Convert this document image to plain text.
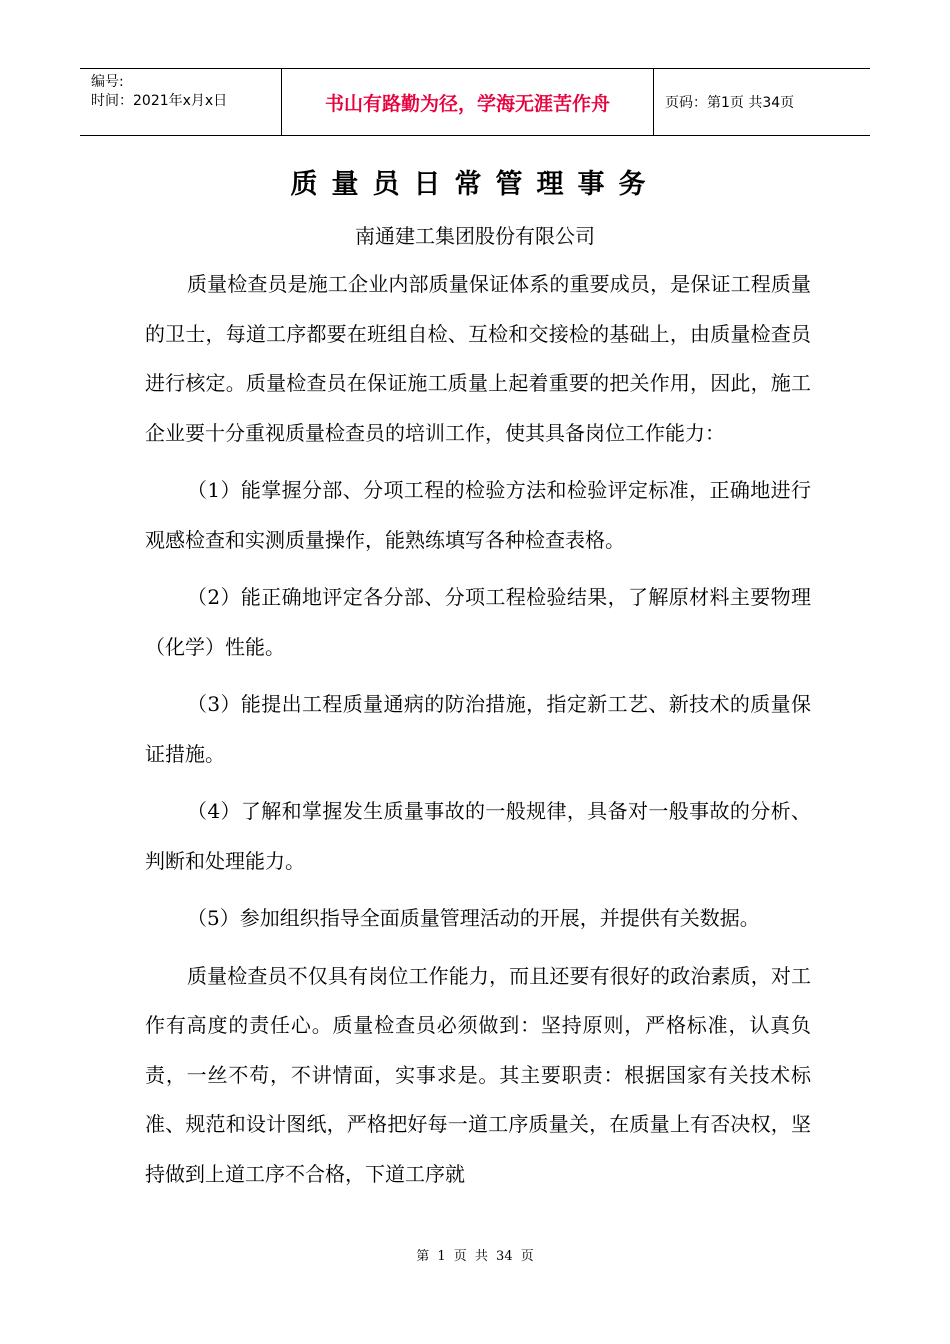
编号:
时间：2021年x月x日	书山有路勤为径，学海无涯苦作舟	页码：第1页 共34页
质量员日常管理事务
南通建工集团股份有限公司

质量检查员是施工企业内部质量保证体系的重要成员，是保证工程质量的卫士，每道工序都要在班组自检、互检和交接检的基础上，由质量检查员进行核定。质量检查员在保证施工质量上起着重要的把关作用，因此，施工企业要十分重视质量检查员的培训工作，使其具备岗位工作能力：

（1）能掌握分部、分项工程的检验方法和检验评定标准，正确地进行观感检查和实测质量操作，能熟练填写各种检查表格。

（2）能正确地评定各分部、分项工程检验结果，了解原材料主要物理（化学）性能。

（3）能提出工程质量通病的防治措施，指定新工艺、新技术的质量保证措施。

（4）了解和掌握发生质量事故的一般规律，具备对一般事故的分析、判断和处理能力。

（5）参加组织指导全面质量管理活动的开展，并提供有关数据。

质量检查员不仅具有岗位工作能力，而且还要有很好的政治素质，对工作有高度的责任心。质量检查员必须做到：坚持原则，严格标准，认真负责，一丝不苟，不讲情面，实事求是。其主要职责：根据国家有关技术标准、规范和设计图纸，严格把好每一道工序质量关，在质量上有否决权，坚持做到上道工序不合格，下道工序就

第 1 页 共 34 页
